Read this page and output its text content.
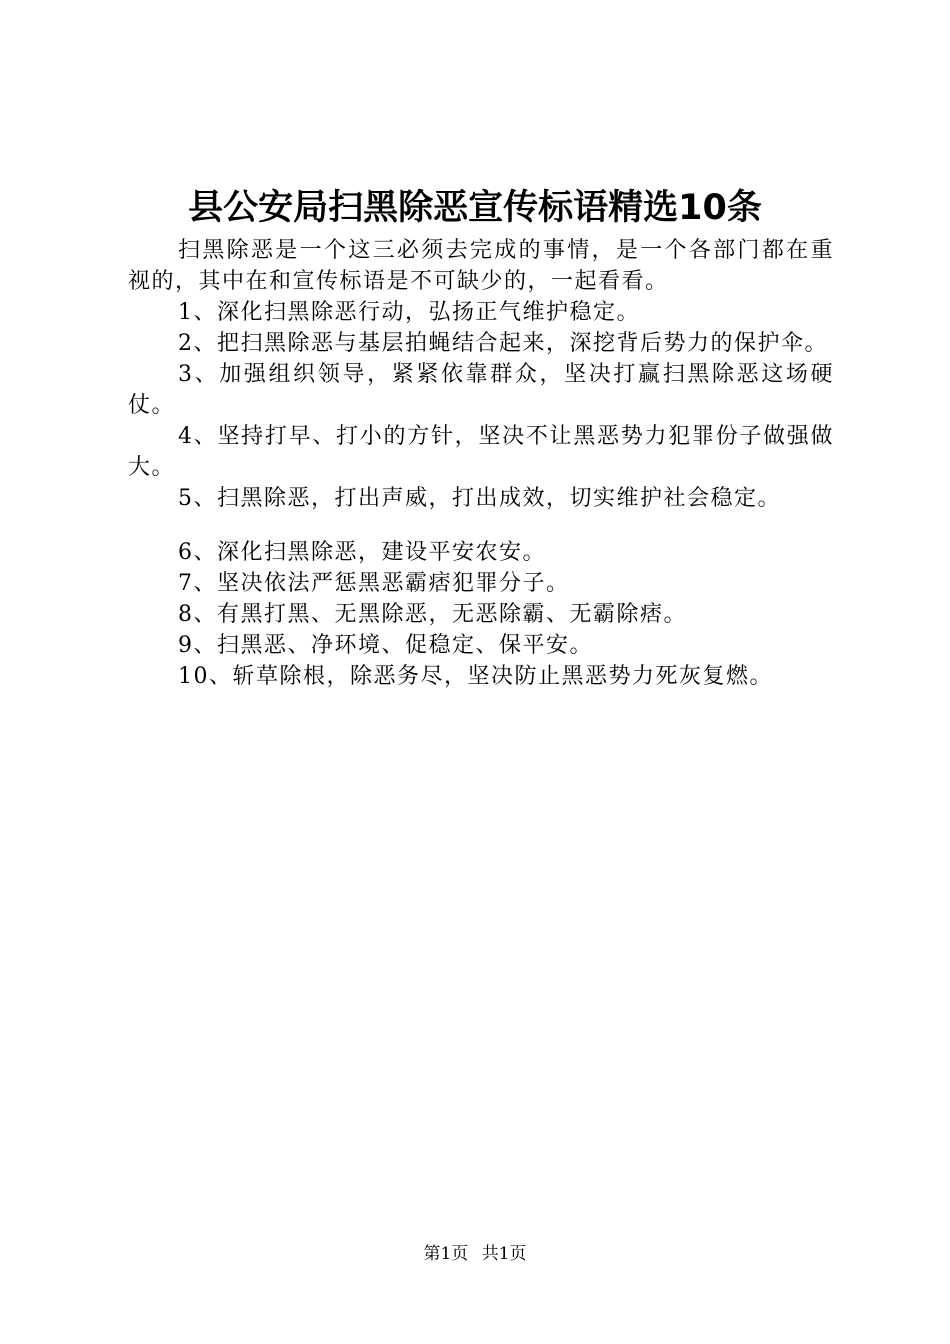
县公安局扫黑除恶宣传标语精选10条

扫黑除恶是一个这三必须去完成的事情，是一个各部门都在重视的，其中在和宣传标语是不可缺少的，一起看看。

1、深化扫黑除恶行动，弘扬正气维护稳定。

2、把扫黑除恶与基层拍蝇结合起来，深挖背后势力的保护伞。

3、加强组织领导，紧紧依靠群众，坚决打赢扫黑除恶这场硬仗。

4、坚持打早、打小的方针，坚决不让黑恶势力犯罪份子做强做大。

5、扫黑除恶，打出声威，打出成效，切实维护社会稳定。

6、深化扫黑除恶，建设平安农安。

7、坚决依法严惩黑恶霸痞犯罪分子。

8、有黑打黑、无黑除恶，无恶除霸、无霸除痞。

9、扫黑恶、净环境、促稳定、保平安。

10、斩草除根，除恶务尽，坚决防止黑恶势力死灰复燃。

第1页 共1页
